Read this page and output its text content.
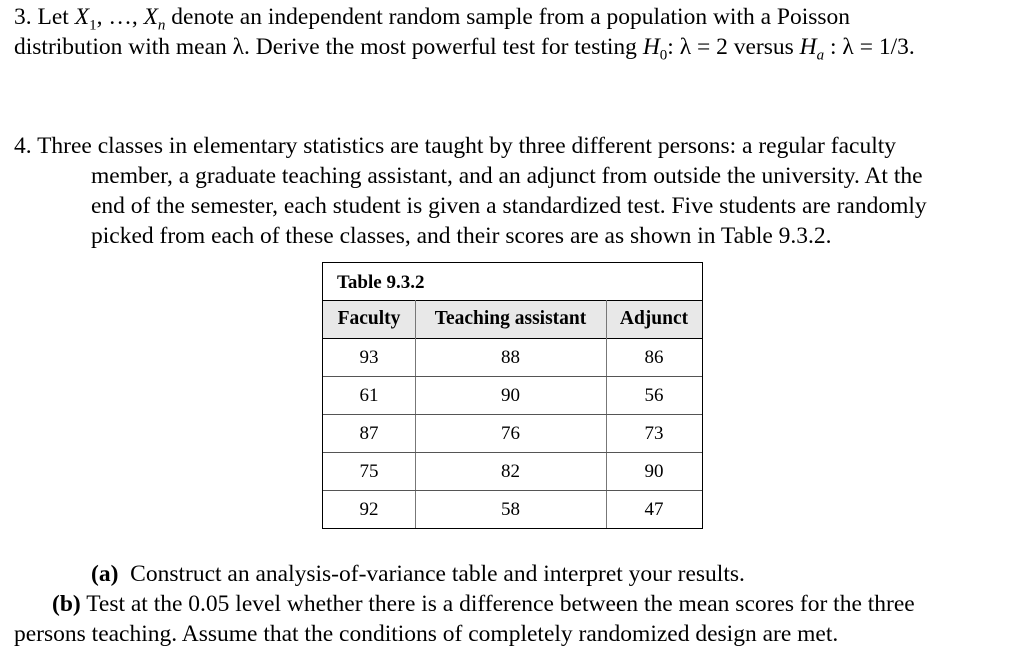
3. Let $X_1$, …, $X_n$ denote an independent random sample from a population with a Poisson
distribution with mean λ. Derive the most powerful test for testing $H_0$: λ = 2 versus $H_a$ : λ = 1/3.
4. Three classes in elementary statistics are taught by three different persons: a regular faculty
member, a graduate teaching assistant, and an adjunct from outside the university. At the
end of the semester, each student is given a standardized test. Five students are randomly
picked from each of these classes, and their scores are as shown in Table 9.3.2.
Table 9.3.2
Faculty	Teaching assistant	Adjunct
93	88	86
61	90	56
87	76	73
75	82	90
92	58	47
(a) Construct an analysis-of-variance table and interpret your results.
(b) Test at the 0.05 level whether there is a difference between the mean scores for the three
persons teaching. Assume that the conditions of completely randomized design are met.
